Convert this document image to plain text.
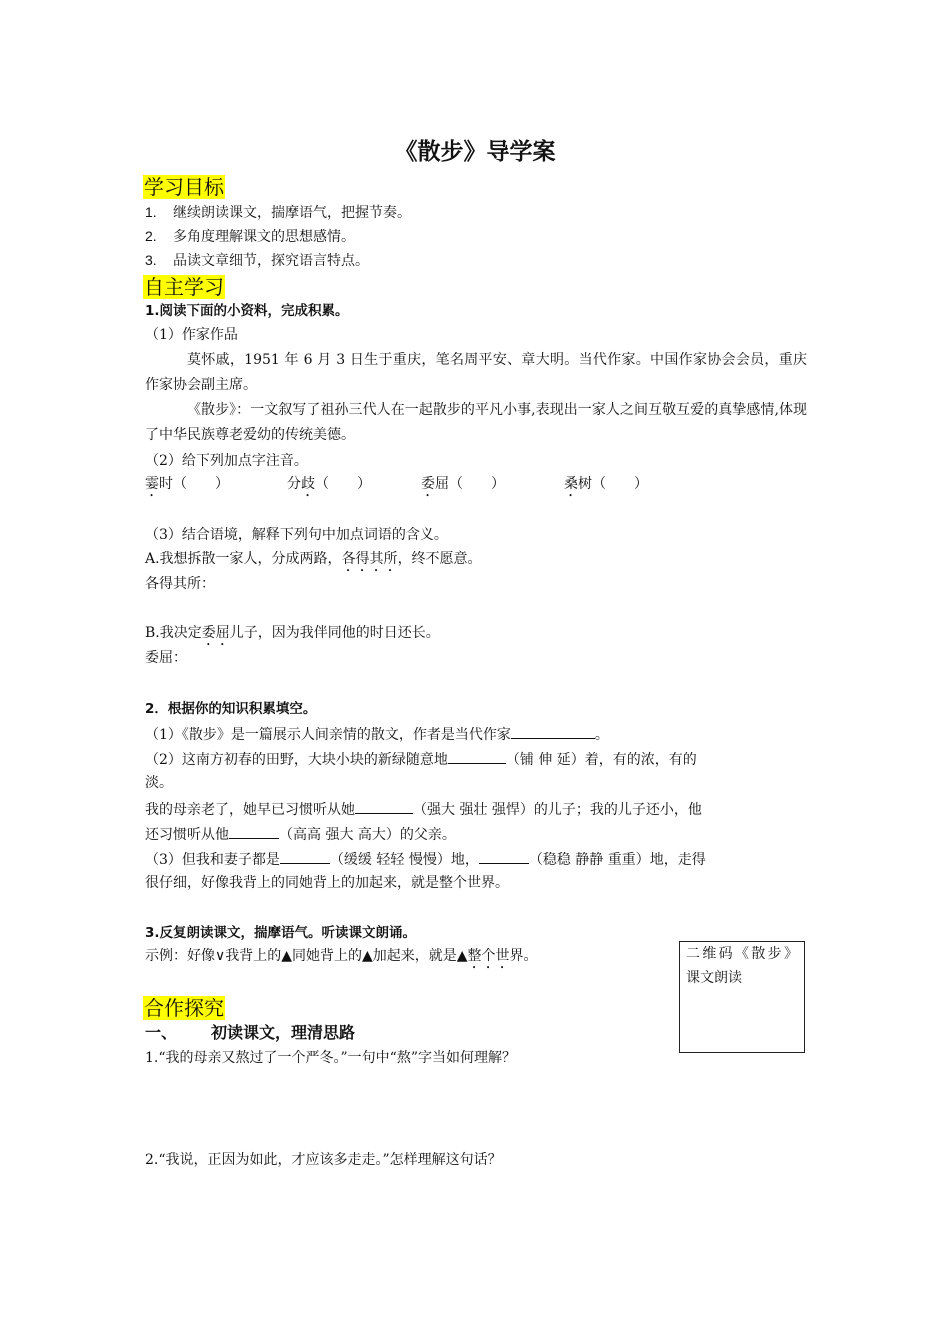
《散步》导学案
学习目标
1. 继续朗读课文，揣摩语气，把握节奏。
2. 多角度理解课文的思想感情。
3. 品读文章细节，探究语言特点。
自主学习
1.阅读下面的小资料，完成积累。
（1）作家作品
莫怀戚，1951 年 6 月 3 日生于重庆，笔名周平安、章大明。当代作家。中国作家协会会员，重庆作家协会副主席。
《散步》：一文叙写了祖孙三代人在一起散步的平凡小事,表现出一家人之间互敬互爱的真挚感情,体现了中华民族尊老爱幼的传统美德。
（2）给下列加点字注音。
霎时（　　）	分歧（　　）	委屈（　　）	桑树（　　）
（3）结合语境，解释下列句中加点词语的含义。
A.我想拆散一家人，分成两路，各得其所，终不愿意。
各得其所：
B.我决定委屈儿子，因为我伴同他的时日还长。
委屈：
2．根据你的知识积累填空。
（1）《散步》是一篇展示人间亲情的散文，作者是当代作家	。
（2）这南方初春的田野，大块小块的新绿随意地	（铺 伸 延）着，有的浓，有的
淡。
我的母亲老了，她早已习惯听从她	（强大 强壮 强悍）的儿子；我的儿子还小，他
还习惯听从他	（高高 强大 高大）的父亲。
（3）但我和妻子都是	（缓缓 轻轻 慢慢）地，	（稳稳 静静 重重）地，走得
很仔细，好像我背上的同她背上的加起来，就是整个世界。
3.反复朗读课文，揣摩语气。听读课文朗诵。
示例：好像∨我背上的▲同她背上的▲加起来，就是▲整个世界。	二维码《散步》
课文朗读
合作探究
一、 初读课文，理清思路
1.“我的母亲又熬过了一个严冬。”一句中“熬”字当如何理解？
2.“我说，正因为如此，才应该多走走。”怎样理解这句话？
